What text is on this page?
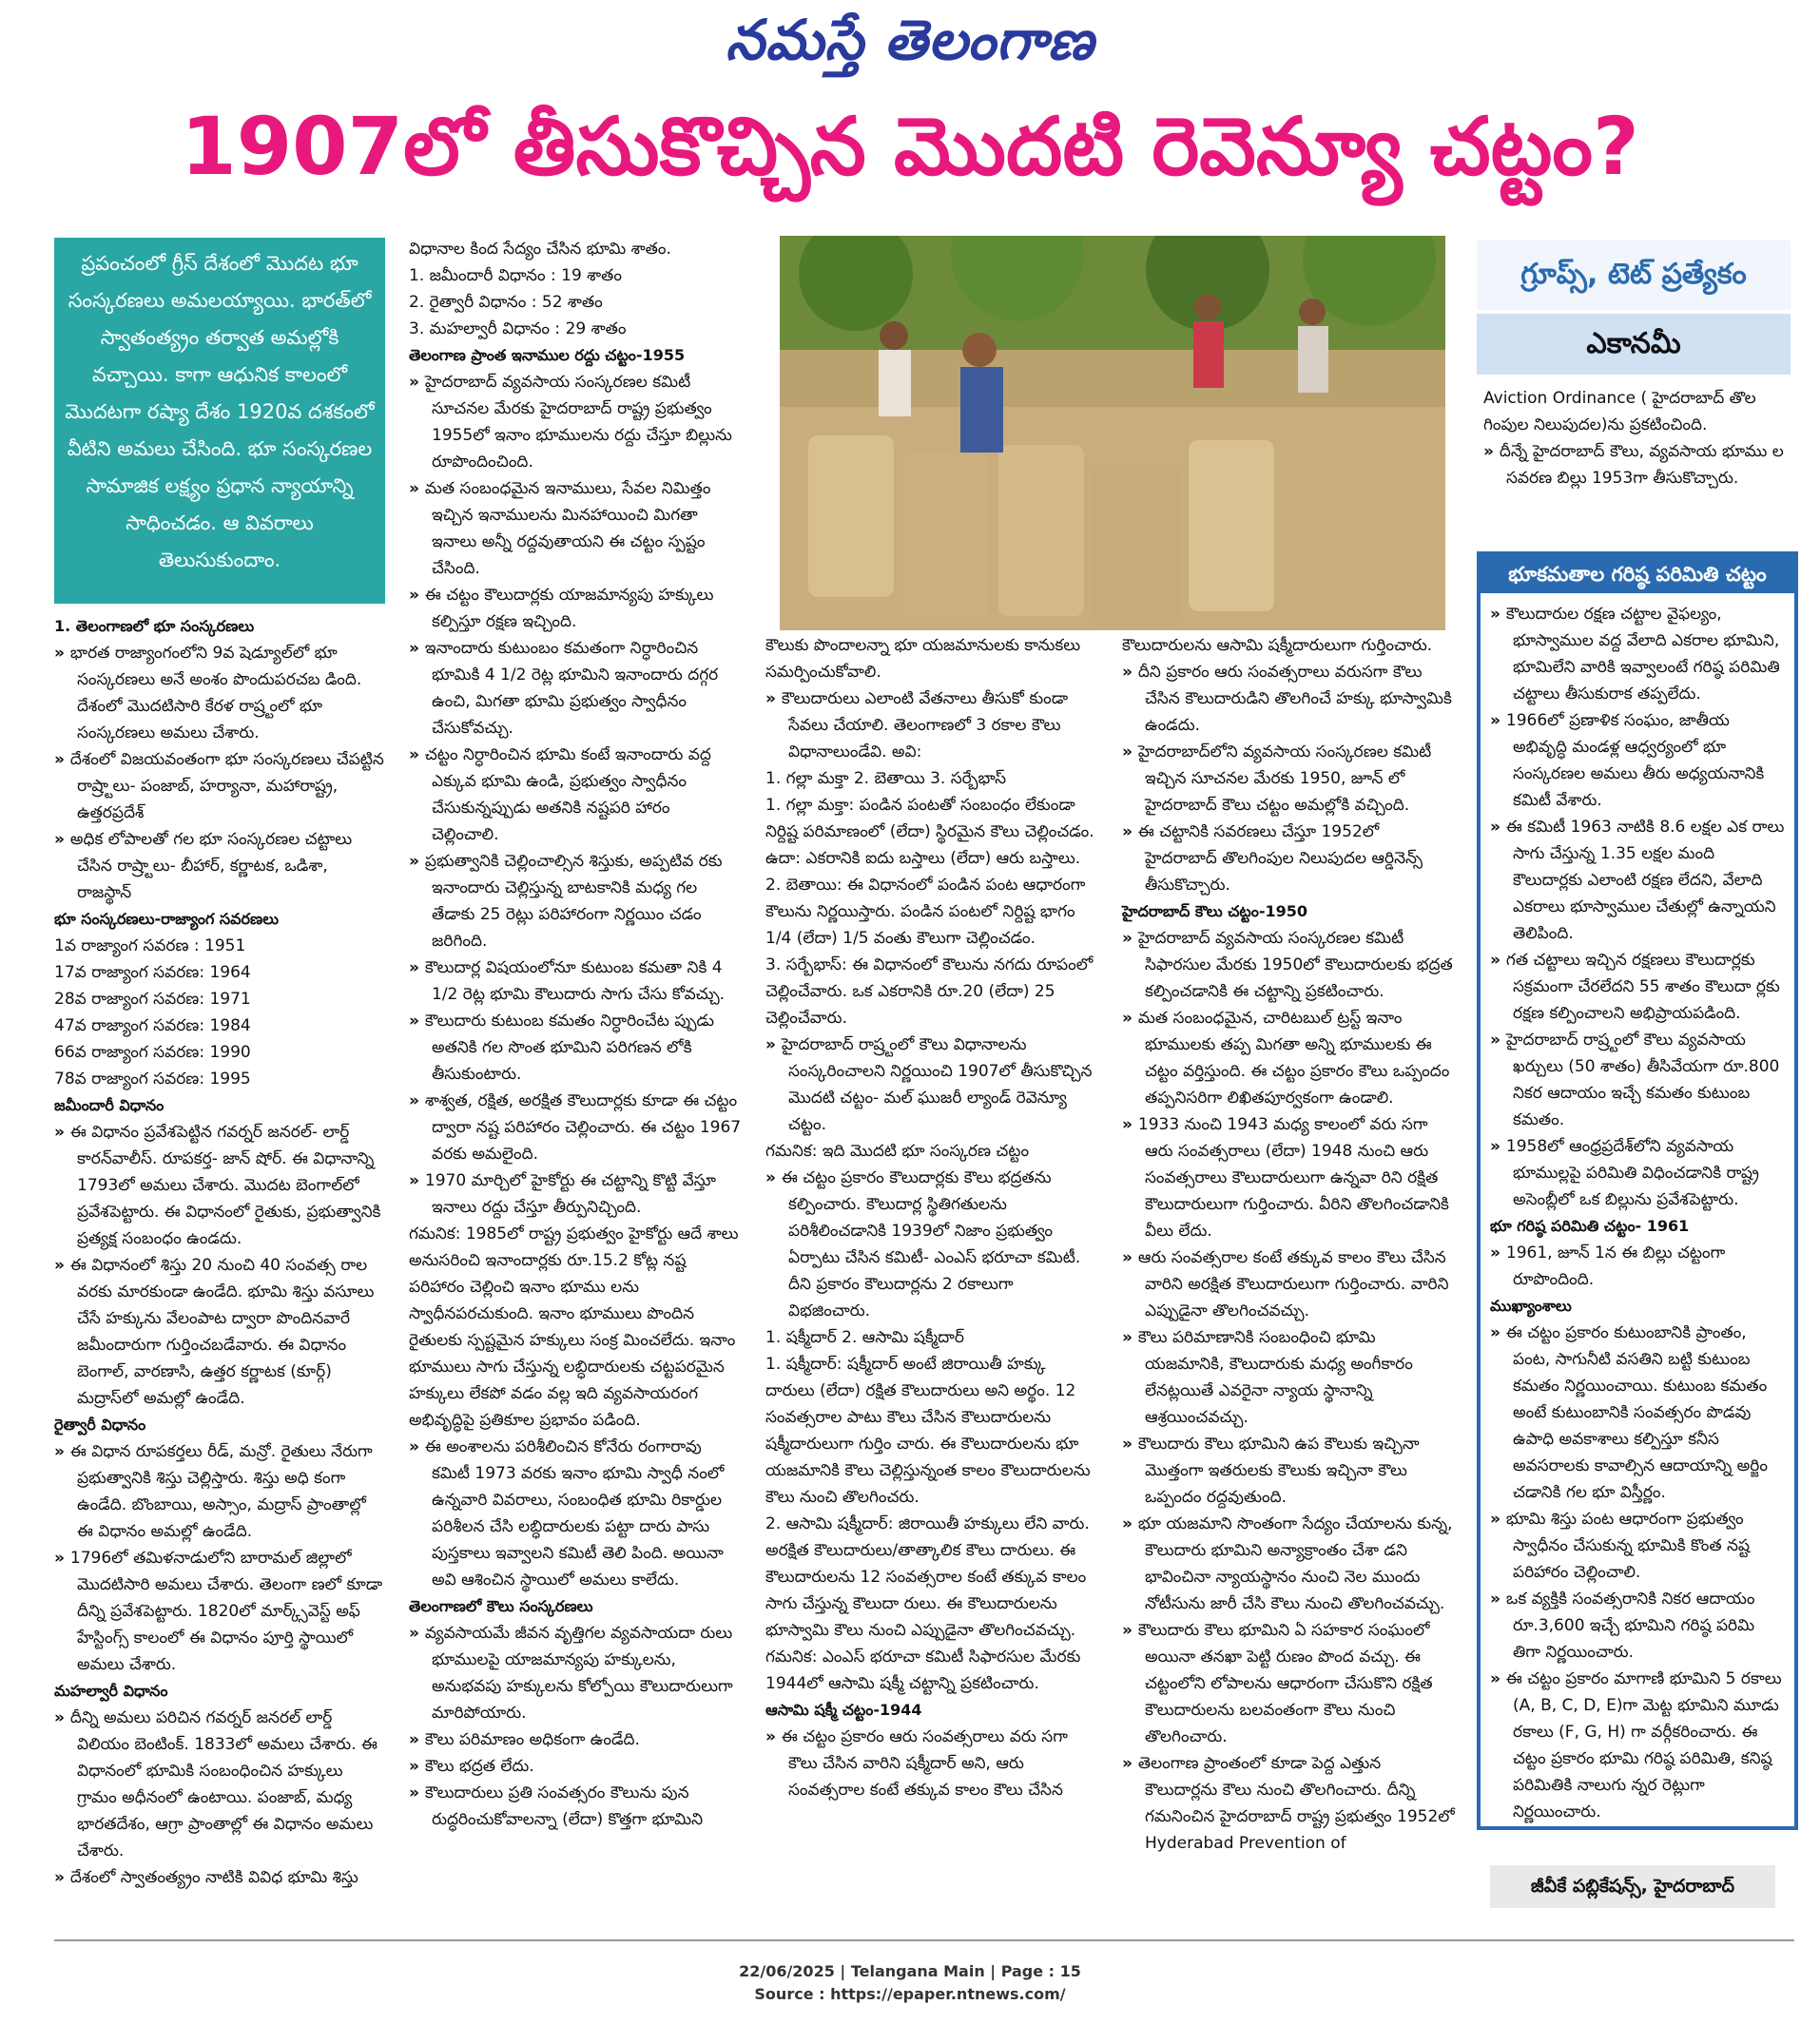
నమస్తే తెలంగాణ
1907లో తీసుకొచ్చిన మొదటి రెవెన్యూ చట్టం?
ప్రపంచంలో గ్రీస్ దేశంలో మొదట భూ సంస్కరణలు అమలయ్యాయి. భారత్‌లో స్వాతంత్య్రం తర్వాత అమల్లోకి వచ్చాయి. కాగా ఆధునిక కాలంలో మొదటగా రష్యా దేశం 1920వ దశకంలో వీటిని అమలు చేసింది. భూ సంస్కరణల సామాజిక లక్ష్యం ప్రధాన న్యాయాన్ని సాధించడం. ఆ వివరాలు తెలుసుకుందాం.

1. తెలంగాణలో భూ సంస్కరణలు

» భారత రాజ్యాంగంలోని 9వ షెడ్యూల్‌లో భూ సంస్కరణలు అనే అంశం పొందుపరచబ డింది. దేశంలో మొదటిసారి కేరళ రాష్ర్టంలో భూ సంస్కరణలు అమలు చేశారు.

» దేశంలో విజయవంతంగా భూ సంస్కరణలు చేపట్టిన రాష్ర్టాలు- పంజాబ్, హర్యానా, మహారాష్ట్ర, ఉత్తరప్రదేశ్

» అధిక లోపాలతో గల భూ సంస్కరణల చట్టాలు చేసిన రాష్ర్టాలు- బీహార్, కర్ణాటక, ఒడిశా, రాజస్థాన్

భూ సంస్కరణలు-రాజ్యాంగ సవరణలు

1వ రాజ్యాంగ సవరణ : 1951

17వ రాజ్యాంగ సవరణ: 1964

28వ రాజ్యాంగ సవరణ: 1971

47వ రాజ్యాంగ సవరణ: 1984

66వ రాజ్యాంగ సవరణ: 1990

78వ రాజ్యాంగ సవరణ: 1995

జమీందారీ విధానం

» ఈ విధానం ప్రవేశపెట్టిన గవర్నర్ జనరల్- లార్డ్ కారన్‌వాలీస్. రూపకర్త- జాన్ షోర్. ఈ విధానాన్ని 1793లో అమలు చేశారు. మొదట బెంగాల్‌లో ప్రవేశపెట్టారు. ఈ విధానంలో రైతుకు, ప్రభుత్వానికి ప్రత్యక్ష సంబంధం ఉండదు.

» ఈ విధానంలో శిస్తు 20 నుంచి 40 సంవత్స రాల వరకు మారకుండా ఉండేది. భూమి శిస్తు వసూలు చేసే హక్కును వేలంపాట ద్వారా పొందినవారే జమీందారుగా గుర్తించబడేవారు. ఈ విధానం బెంగాల్, వారణాసి, ఉత్తర కర్ణాటక (కూర్గ్) మద్రాస్‌లో అమల్లో ఉండేది.

రైత్వారీ విధానం

» ఈ విధాన రూపకర్తలు రీడ్, మన్రో. రైతులు నేరుగా ప్రభుత్వానికి శిస్తు చెల్లిస్తారు. శిస్తు అధి కంగా ఉండేది. బొంబాయి, అస్సాం, మద్రాస్ ప్రాంతాల్లో ఈ విధానం అమల్లో ఉండేది.

» 1796లో తమిళనాడులోని బారామల్ జిల్లాలో మొదటిసారి అమలు చేశారు. తెలంగా ణలో కూడా దీన్ని ప్రవేశపెట్టారు. 1820లో మార్క్స్‌వెస్ట్ అఫ్ హేస్టింగ్స్ కాలంలో ఈ విధానం పూర్తి స్థాయిలో అమలు చేశారు.

మహల్వారీ విధానం

» దీన్ని అమలు పరిచిన గవర్నర్ జనరల్ లార్డ్ విలియం బెంటింక్. 1833లో అమలు చేశారు. ఈ విధానంలో భూమికి సంబంధించిన హక్కులు గ్రామం అధీనంలో ఉంటాయి. పంజాబ్, మధ్య భారతదేశం, ఆగ్రా ప్రాంతాల్లో ఈ విధానం అమలు చేశారు.

» దేశంలో స్వాతంత్య్రం నాటికి వివిధ భూమి శిస్తు

విధానాల కింద సేద్యం చేసిన భూమి శాతం.

1. జమీందారీ విధానం : 19 శాతం

2. రైత్వారీ విధానం : 52 శాతం

3. మహల్వారీ విధానం : 29 శాతం

తెలంగాణ ప్రాంత ఇనాముల రద్దు చట్టం-1955

» హైదరాబాద్ వ్యవసాయ సంస్కరణల కమిటీ సూచనల మేరకు హైదరాబాద్ రాష్ట్ర ప్రభుత్వం 1955లో ఇనాం భూములను రద్దు చేస్తూ బిల్లును రూపొందించింది.

» మత సంబంధమైన ఇనాములు, సేవల నిమిత్తం ఇచ్చిన ఇనాములను మినహాయించి మిగతా ఇనాలు అన్నీ రద్దవుతాయని ఈ చట్టం స్పష్టం చేసింది.

» ఈ చట్టం కౌలుదార్లకు యాజమాన్యపు హక్కులు కల్పిస్తూ రక్షణ ఇచ్చింది.

» ఇనాందారు కుటుంబం కమతంగా నిర్ధారించిన భూమికి 4 1/2 రెట్ల భూమిని ఇనాందారు దగ్గర ఉంచి, మిగతా భూమి ప్రభుత్వం స్వాధీనం చేసుకోవచ్చు.

» చట్టం నిర్ధారించిన భూమి కంటే ఇనాందారు వద్ద ఎక్కువ భూమి ఉండి, ప్రభుత్వం స్వాధీనం చేసుకున్నప్పుడు అతనికి నష్టపరి హారం చెల్లించాలి.

» ప్రభుత్వానికి చెల్లించాల్సిన శిస్తుకు, అప్పటివ రకు ఇనాందారు చెల్లిస్తున్న బాటకానికి మధ్య గల తేడాకు 25 రెట్లు పరిహారంగా నిర్ణయిం చడం జరిగింది.

» కౌలుదార్ల విషయంలోనూ కుటుంబ కమతా నికి 4 1/2 రెట్ల భూమి కౌలుదారు సాగు చేసు కోవచ్చు.

» కౌలుదారు కుటుంబ కమతం నిర్ధారించేట ప్పుడు అతనికి గల సొంత భూమిని పరిగణన లోకి తీసుకుంటారు.

» శాశ్వత, రక్షిత, అరక్షిత కౌలుదార్లకు కూడా ఈ చట్టం ద్వారా నష్ట పరిహారం చెల్లించారు. ఈ చట్టం 1967 వరకు అమలైంది.

» 1970 మార్చిలో హైకోర్టు ఈ చట్టాన్ని కొట్టి వేస్తూ ఇనాలు రద్దు చేస్తూ తీర్పునిచ్చింది.

గమనిక: 1985లో రాష్ట్ర ప్రభుత్వం హైకోర్టు ఆదే శాలు అనుసరించి ఇనాందార్లకు రూ.15.2 కోట్ల నష్ట పరిహారం చెల్లించి ఇనాం భూము లను స్వాధీనపరచుకుంది. ఇనాం భూములు పొందిన రైతులకు స్పష్టమైన హక్కులు సంక్ర మించలేదు. ఇనాం భూములు సాగు చేస్తున్న లబ్ధిదారులకు చట్టపరమైన హక్కులు లేకపో వడం వల్ల ఇది వ్యవసాయరంగ అభివృద్ధిపై ప్రతికూల ప్రభావం పడింది.

» ఈ అంశాలను పరిశీలించిన కోనేరు రంగారావు కమిటీ 1973 వరకు ఇనాం భూమి స్వాధీ నంలో ఉన్నవారి వివరాలు, సంబంధిత భూమి రికార్డుల పరిశీలన చేసి లబ్ధిదారులకు పట్టా దారు పాసు పుస్తకాలు ఇవ్వాలని కమిటీ తెలి పింది. అయినా అవి ఆశించిన స్థాయిలో అమలు కాలేదు.

తెలంగాణలో కౌలు సంస్కరణలు

» వ్యవసాయమే జీవన వృత్తిగల వ్యవసాయదా రులు భూములపై యాజమాన్యపు హక్కులను, అనుభవపు హక్కులను కోల్పోయి కౌలుదారులుగా మారిపోయారు.

» కౌలు పరిమాణం అధికంగా ఉండేది.

» కౌలు భద్రత లేదు.

» కౌలుదారులు ప్రతి సంవత్సరం కౌలును పున రుద్ధరించుకోవాలన్నా (లేదా) కొత్తగా భూమిని

కౌలుకు పొందాలన్నా భూ యజమానులకు కానుకలు సమర్పించుకోవాలి.

» కౌలుదారులు ఎలాంటి వేతనాలు తీసుకో కుండా సేవలు చేయాలి. తెలంగాణలో 3 రకాల కౌలు విధానాలుండేవి. అవి:

1. గల్లా మక్తా 2. బెతాయి 3. సర్బేభాస్

1. గల్లా మక్తా: పండిన పంటతో సంబంధం లేకుండా నిర్దిష్ట పరిమాణంలో (లేదా) స్థిరమైన కౌలు చెల్లించడం.

ఉదా: ఎకరానికి ఐదు బస్తాలు (లేదా) ఆరు బస్తాలు.

2. బెతాయి: ఈ విధానంలో పండిన పంట ఆధారంగా కౌలును నిర్ణయిస్తారు. పండిన పంటలో నిర్దిష్ట భాగం 1/4 (లేదా) 1/5 వంతు కౌలుగా చెల్లించడం.

3. సర్బేభాస్: ఈ విధానంలో కౌలును నగదు రూపంలో చెల్లించేవారు. ఒక ఎకరానికి రూ.20 (లేదా) 25 చెల్లించేవారు.

» హైదరాబాద్ రాష్ర్టంలో కౌలు విధానాలను సంస్కరించాలని నిర్ణయించి 1907లో తీసుకొచ్చిన మొదటి చట్టం- మల్ ఘుజరీ ల్యాండ్ రెవెన్యూ చట్టం.

గమనిక: ఇది మొదటి భూ సంస్కరణ చట్టం

» ఈ చట్టం ప్రకారం కౌలుదార్లకు కౌలు భద్రతను కల్పించారు. కౌలుదార్ల స్థితిగతులను పరిశీలించడానికి 1939లో నిజాం ప్రభుత్వం ఏర్పాటు చేసిన కమిటీ- ఎంఎస్ భరూచా కమిటీ. దీని ప్రకారం కౌలుదార్లను 2 రకాలుగా విభజించారు.

1. షక్మీదార్ 2. ఆసామి షక్మీదార్

1. షక్మీదార్: షక్మీదార్ అంటే జిరాయితీ హక్కు దారులు (లేదా) రక్షిత కౌలుదారులు అని అర్థం. 12 సంవత్సరాల పాటు కౌలు చేసిన కౌలుదారులను షక్మీదారులుగా గుర్తిం చారు. ఈ కౌలుదారులను భూ యజమానికి కౌలు చెల్లిస్తున్నంత కాలం కౌలుదారులను కౌలు నుంచి తొలగించరు.

2. ఆసామి షక్మీదార్: జిరాయితీ హక్కులు లేని వారు. అరక్షిత కౌలుదారులు/తాత్కాలిక కౌలు దారులు. ఈ కౌలుదారులను 12 సంవత్సరాల కంటే తక్కువ కాలం సాగు చేస్తున్న కౌలుదా రులు. ఈ కౌలుదారులను భూస్వామి కౌలు నుంచి ఎప్పుడైనా తొలగించవచ్చు.

గమనిక: ఎంఎస్ భరూచా కమిటీ సిఫారసుల మేరకు 1944లో ఆసామి షక్మీ చట్టాన్ని ప్రకటించారు.

ఆసామి షక్మీ చట్టం-1944

» ఈ చట్టం ప్రకారం ఆరు సంవత్సరాలు వరు సగా కౌలు చేసిన వారిని షక్మీదార్ అని, ఆరు సంవత్సరాల కంటే తక్కువ కాలం కౌలు చేసిన

కౌలుదారులను ఆసామి షక్మీదారులుగా గుర్తించారు.

» దీని ప్రకారం ఆరు సంవత్సరాలు వరుసగా కౌలు చేసిన కౌలుదారుడిని తొలగించే హక్కు భూస్వామికి ఉండదు.

» హైదరాబాద్‌లోని వ్యవసాయ సంస్కరణల కమిటీ ఇచ్చిన సూచనల మేరకు 1950, జూన్ లో హైదరాబాద్ కౌలు చట్టం అమల్లోకి వచ్చింది.

» ఈ చట్టానికి సవరణలు చేస్తూ 1952లో హైదరాబాద్ తొలగింపుల నిలుపుదల ఆర్డినెన్స్ తీసుకొచ్చారు.

హైదరాబాద్ కౌలు చట్టం-1950

» హైదరాబాద్ వ్యవసాయ సంస్కరణల కమిటీ సిఫారసుల మేరకు 1950లో కౌలుదారులకు భద్రత కల్పించడానికి ఈ చట్టాన్ని ప్రకటించారు.

» మత సంబంధమైన, చారిటబుల్ ట్రస్ట్ ఇనాం భూములకు తప్ప మిగతా అన్ని భూములకు ఈ చట్టం వర్తిస్తుంది. ఈ చట్టం ప్రకారం కౌలు ఒప్పందం తప్పనిసరిగా లిఖితపూర్వకంగా ఉండాలి.

» 1933 నుంచి 1943 మధ్య కాలంలో వరు సగా ఆరు సంవత్సరాలు (లేదా) 1948 నుంచి ఆరు సంవత్సరాలు కౌలుదారులుగా ఉన్నవా రిని రక్షిత కౌలుదారులుగా గుర్తించారు. వీరిని తొలగించడానికి వీలు లేదు.

» ఆరు సంవత్సరాల కంటే తక్కువ కాలం కౌలు చేసిన వారిని అరక్షిత కౌలుదారులుగా గుర్తించారు. వారిని ఎప్పుడైనా తొలగించవచ్చు.

» కౌలు పరిమాణానికి సంబంధించి భూమి యజమానికి, కౌలుదారుకు మధ్య అంగీకారం లేనట్లయితే ఎవరైనా న్యాయ స్థానాన్ని ఆశ్రయించవచ్చు.

» కౌలుదారు కౌలు భూమిని ఉప కౌలుకు ఇచ్చినా మొత్తంగా ఇతరులకు కౌలుకు ఇచ్చినా కౌలు ఒప్పందం రద్దవుతుంది.

» భూ యజమాని సొంతంగా సేద్యం చేయాలను కున్న, కౌలుదారు భూమిని అన్యాక్రాంతం చేశా డని భావించినా న్యాయస్థానం నుంచి నెల ముందు నోటీసును జారీ చేసి కౌలు నుంచి తొలగించవచ్చు.

» కౌలుదారు కౌలు భూమిని ఏ సహకార సంఘంలో అయినా తనఖా పెట్టి రుణం పొంద వచ్చు. ఈ చట్టంలోని లోపాలను ఆధారంగా చేసుకొని రక్షిత కౌలుదారులను బలవంతంగా కౌలు నుంచి తొలగించారు.

» తెలంగాణ ప్రాంతంలో కూడా పెద్ద ఎత్తున కౌలుదార్లను కౌలు నుంచి తొలగించారు. దీన్ని గమనించిన హైదరాబాద్ రాష్ట్ర ప్రభుత్వం 1952లో Hyderabad Prevention of

గ్రూప్స్, టెట్ ప్రత్యేకం
ఎకానమీ

Aviction Ordinance ( హైదరాబాద్ తొల గింపుల నిలుపుదల)ను ప్రకటించింది.

» దీన్నే హైదరాబాద్ కౌలు, వ్యవసాయ భూము ల సవరణ బిల్లు 1953గా తీసుకొచ్చారు.

భూకమతాల గరిష్ఠ పరిమితి చట్టం

» కౌలుదారుల రక్షణ చట్టాల వైఫల్యం, భూస్వాముల వద్ద వేలాది ఎకరాల భూమిని, భూమిలేని వారికి ఇవ్వాలంటే గరిష్ఠ పరిమితి చట్టాలు తీసుకురాక తప్పలేదు.

» 1966లో ప్రణాళిక సంఘం, జాతీయ అభివృద్ధి మండళ్ల ఆధ్వర్యంలో భూ సంస్కరణల అమలు తీరు అధ్యయనానికి కమిటీ వేశారు.

» ఈ కమిటీ 1963 నాటికి 8.6 లక్షల ఎక రాలు సాగు చేస్తున్న 1.35 లక్షల మంది కౌలుదార్లకు ఎలాంటి రక్షణ లేదని, వేలాది ఎకరాలు భూస్వాముల చేతుల్లో ఉన్నాయని తెలిపింది.

» గత చట్టాలు ఇచ్చిన రక్షణలు కౌలుదార్లకు సక్రమంగా చేరలేదని 55 శాతం కౌలుదా ర్లకు రక్షణ కల్పించాలని అభిప్రాయపడింది.

» హైదరాబాద్ రాష్ర్టంలో కౌలు వ్యవసాయ ఖర్చులు (50 శాతం) తీసివేయగా రూ.800 నికర ఆదాయం ఇచ్చే కమతం కుటుంబ కమతం.

» 1958లో ఆంధ్రప్రదేశ్‌లోని వ్యవసాయ భూముల్లపై పరిమితి విధించడానికి రాష్ట్ర అసెంబ్లీలో ఒక బిల్లును ప్రవేశపెట్టారు.

భూ గరిష్ఠ పరిమితి చట్టం- 1961

» 1961, జూన్ 1న ఈ బిల్లు చట్టంగా రూపొందింది.

ముఖ్యాంశాలు

» ఈ చట్టం ప్రకారం కుటుంబానికి ప్రాంతం, పంట, సాగునీటి వసతిని బట్టి కుటుంబ కమతం నిర్ణయించాయి. కుటుంబ కమతం అంటే కుటుంబానికి సంవత్సరం పొడవు ఉపాధి అవకాశాలు కల్పిస్తూ కనీస అవసరాలకు కావాల్సిన ఆదాయాన్ని అర్జిం చడానికి గల భూ విస్తీర్ణం.

» భూమి శిస్తు పంట ఆధారంగా ప్రభుత్వం స్వాధీనం చేసుకున్న భూమికి కొంత నష్ట పరిహారం చెల్లించాలి.

» ఒక వ్యక్తికి సంవత్సరానికి నికర ఆదాయం రూ.3,600 ఇచ్చే భూమిని గరిష్ఠ పరిమి తిగా నిర్ణయించారు.

» ఈ చట్టం ప్రకారం మాగాణి భూమిని 5 రకాలు (A, B, C, D, E)గా మెట్ట భూమిని మూడు రకాలు (F, G, H) గా వర్గీకరించారు. ఈ చట్టం ప్రకారం భూమి గరిష్ఠ పరిమితి, కనిష్ఠ పరిమితికి నాలుగు న్నర రెట్లుగా నిర్ణయించారు.

జీవీకే పబ్లికేషన్స్, హైదరాబాద్
22/06/2025 | Telangana Main | Page : 15
Source : https://epaper.ntnews.com/
